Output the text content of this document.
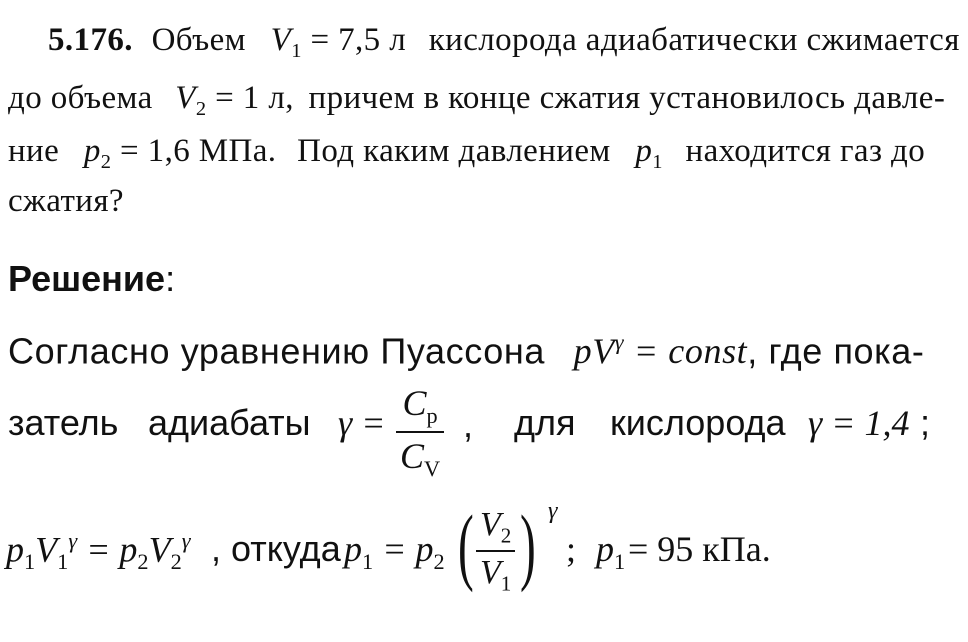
5.176. Объем $V_1 = 7,5$ л кислорода адиабатически сжимается
до объема $V_2 = 1$ л, причем в конце сжатия установилось давле-
ние $p_2 = 1,6$ МПа. Под каким давлением $p_1$ находится газ до
сжатия?
Решение:
Согласно уравнению Пуассона $pV^\gamma$ = const, где пока-
затель адиабаты $\gamma = C_p$
$C_V$
, для кислорода γ = 1,4 ;
$p_1V_1^\gamma = p_2V_2^\gamma$ , откуда $p_1 = p_2$ ( $V_2$
$V_1$ ) γ
; $p_1 = 95$ кПа.
